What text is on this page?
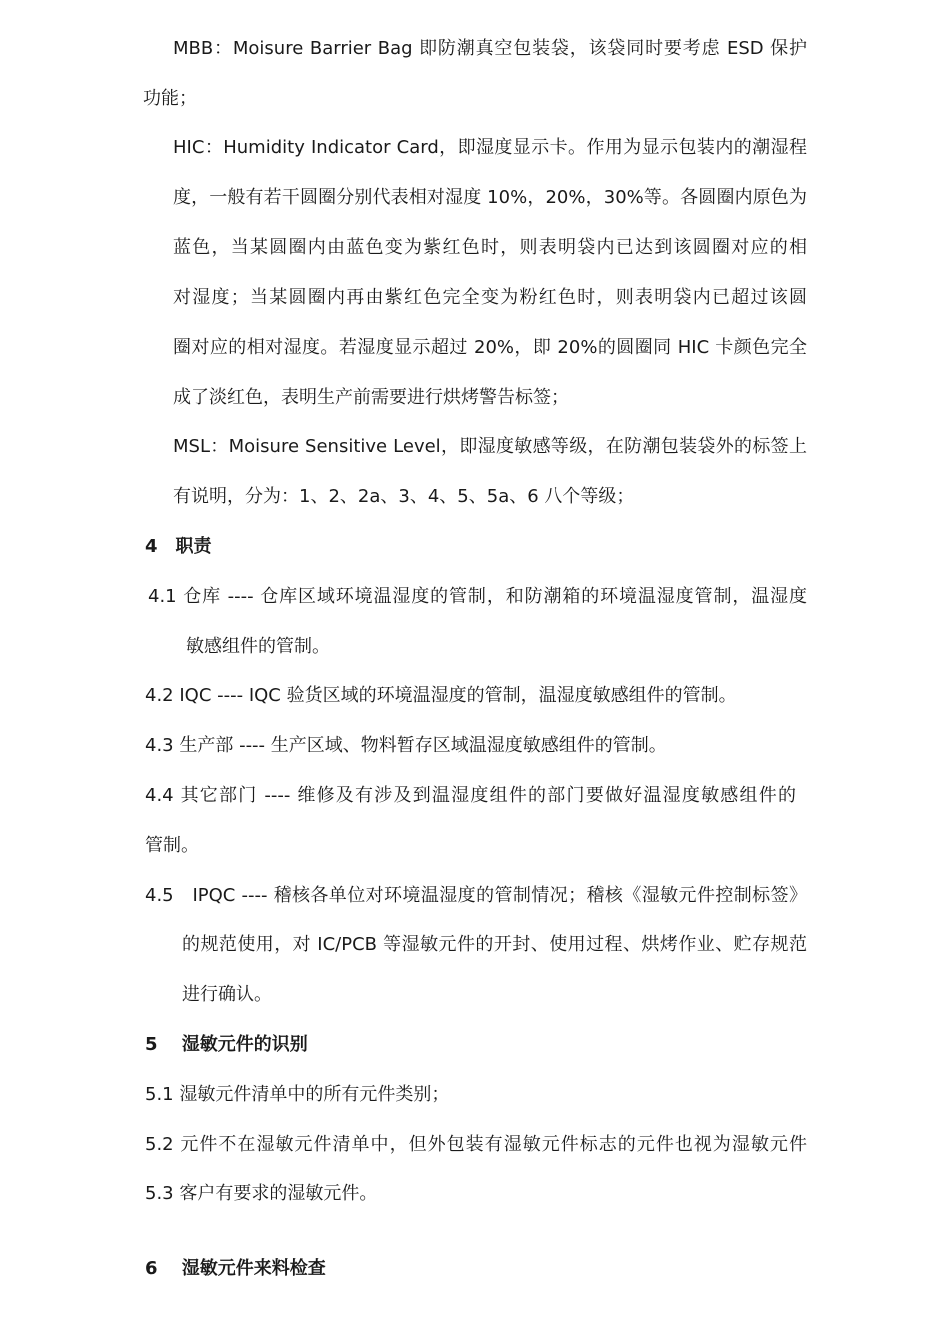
MBB：Moisure Barrier Bag 即防潮真空包装袋，该袋同时要考虑 ESD 保护
功能；
HIC：Humidity Indicator Card，即湿度显示卡。作用为显示包装内的潮湿程
度，一般有若干圆圈分别代表相对湿度 10%，20%，30%等。各圆圈内原色为
蓝色，当某圆圈内由蓝色变为紫红色时，则表明袋内已达到该圆圈对应的相
对湿度；当某圆圈内再由紫红色完全变为粉红色时，则表明袋内已超过该圆
圈对应的相对湿度。若湿度显示超过 20%，即 20%的圆圈同 HIC 卡颜色完全
成了淡红色，表明生产前需要进行烘烤警告标签；
MSL：Moisure Sensitive Level，即湿度敏感等级，在防潮包装袋外的标签上
有说明，分为：1、2、2a、3、4、5、5a、6 八个等级；
4　职责
4.1 仓库 ---- 仓库区域环境温湿度的管制，和防潮箱的环境温湿度管制，温湿度
敏感组件的管制。
4.2 IQC ---- IQC 验货区域的环境温湿度的管制，温湿度敏感组件的管制。
4.3 生产部 ---- 生产区域、物料暂存区域温湿度敏感组件的管制。
4.4 其它部门 ---- 维修及有涉及到温湿度组件的部门要做好温湿度敏感组件的
管制。
4.5　IPQC ---- 稽核各单位对环境温湿度的管制情况；稽核《湿敏元件控制标签》
的规范使用，对 IC/PCB 等湿敏元件的开封、使用过程、烘烤作业、贮存规范
进行确认。
5　 湿敏元件的识别
5.1 湿敏元件清单中的所有元件类别；
5.2 元件不在湿敏元件清单中，但外包装有湿敏元件标志的元件也视为湿敏元件
5.3 客户有要求的湿敏元件。
6　 湿敏元件来料检查
